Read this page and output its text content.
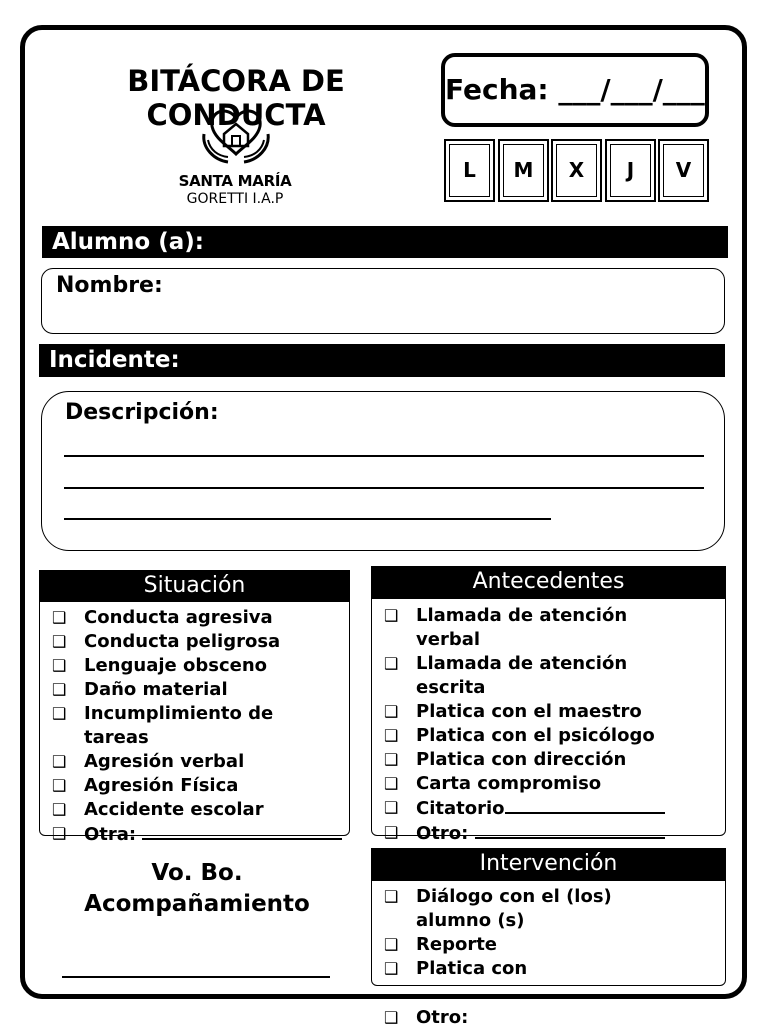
BITÁCORA DE
CONDUCTA
SANTA MARÍA
GORETTI I.A.P
Fecha: ___/___/___
L	M	X	J	V
Alumno (a):
Nombre:
Incidente:
Descripción:
Situación
❑ Conducta agresiva
❑ Conducta peligrosa
❑ Lenguaje obsceno
❑ Daño material
❑ Incumplimiento de tareas
❑ Agresión verbal
❑ Agresión Física
❑ Accidente escolar
❑ Otra:
Antecedentes
❑ Llamada de atención verbal
❑ Llamada de atención escrita
❑ Platica con el maestro
❑ Platica con el psicólogo
❑ Platica con dirección
❑ Carta compromiso
❑ Citatorio
❑ Otro:
Vo. Bo.
Acompañamiento
Intervención
❑ Diálogo con el (los) alumno (s)
❑ Reporte
❑ Platica con
❑ Otro:
